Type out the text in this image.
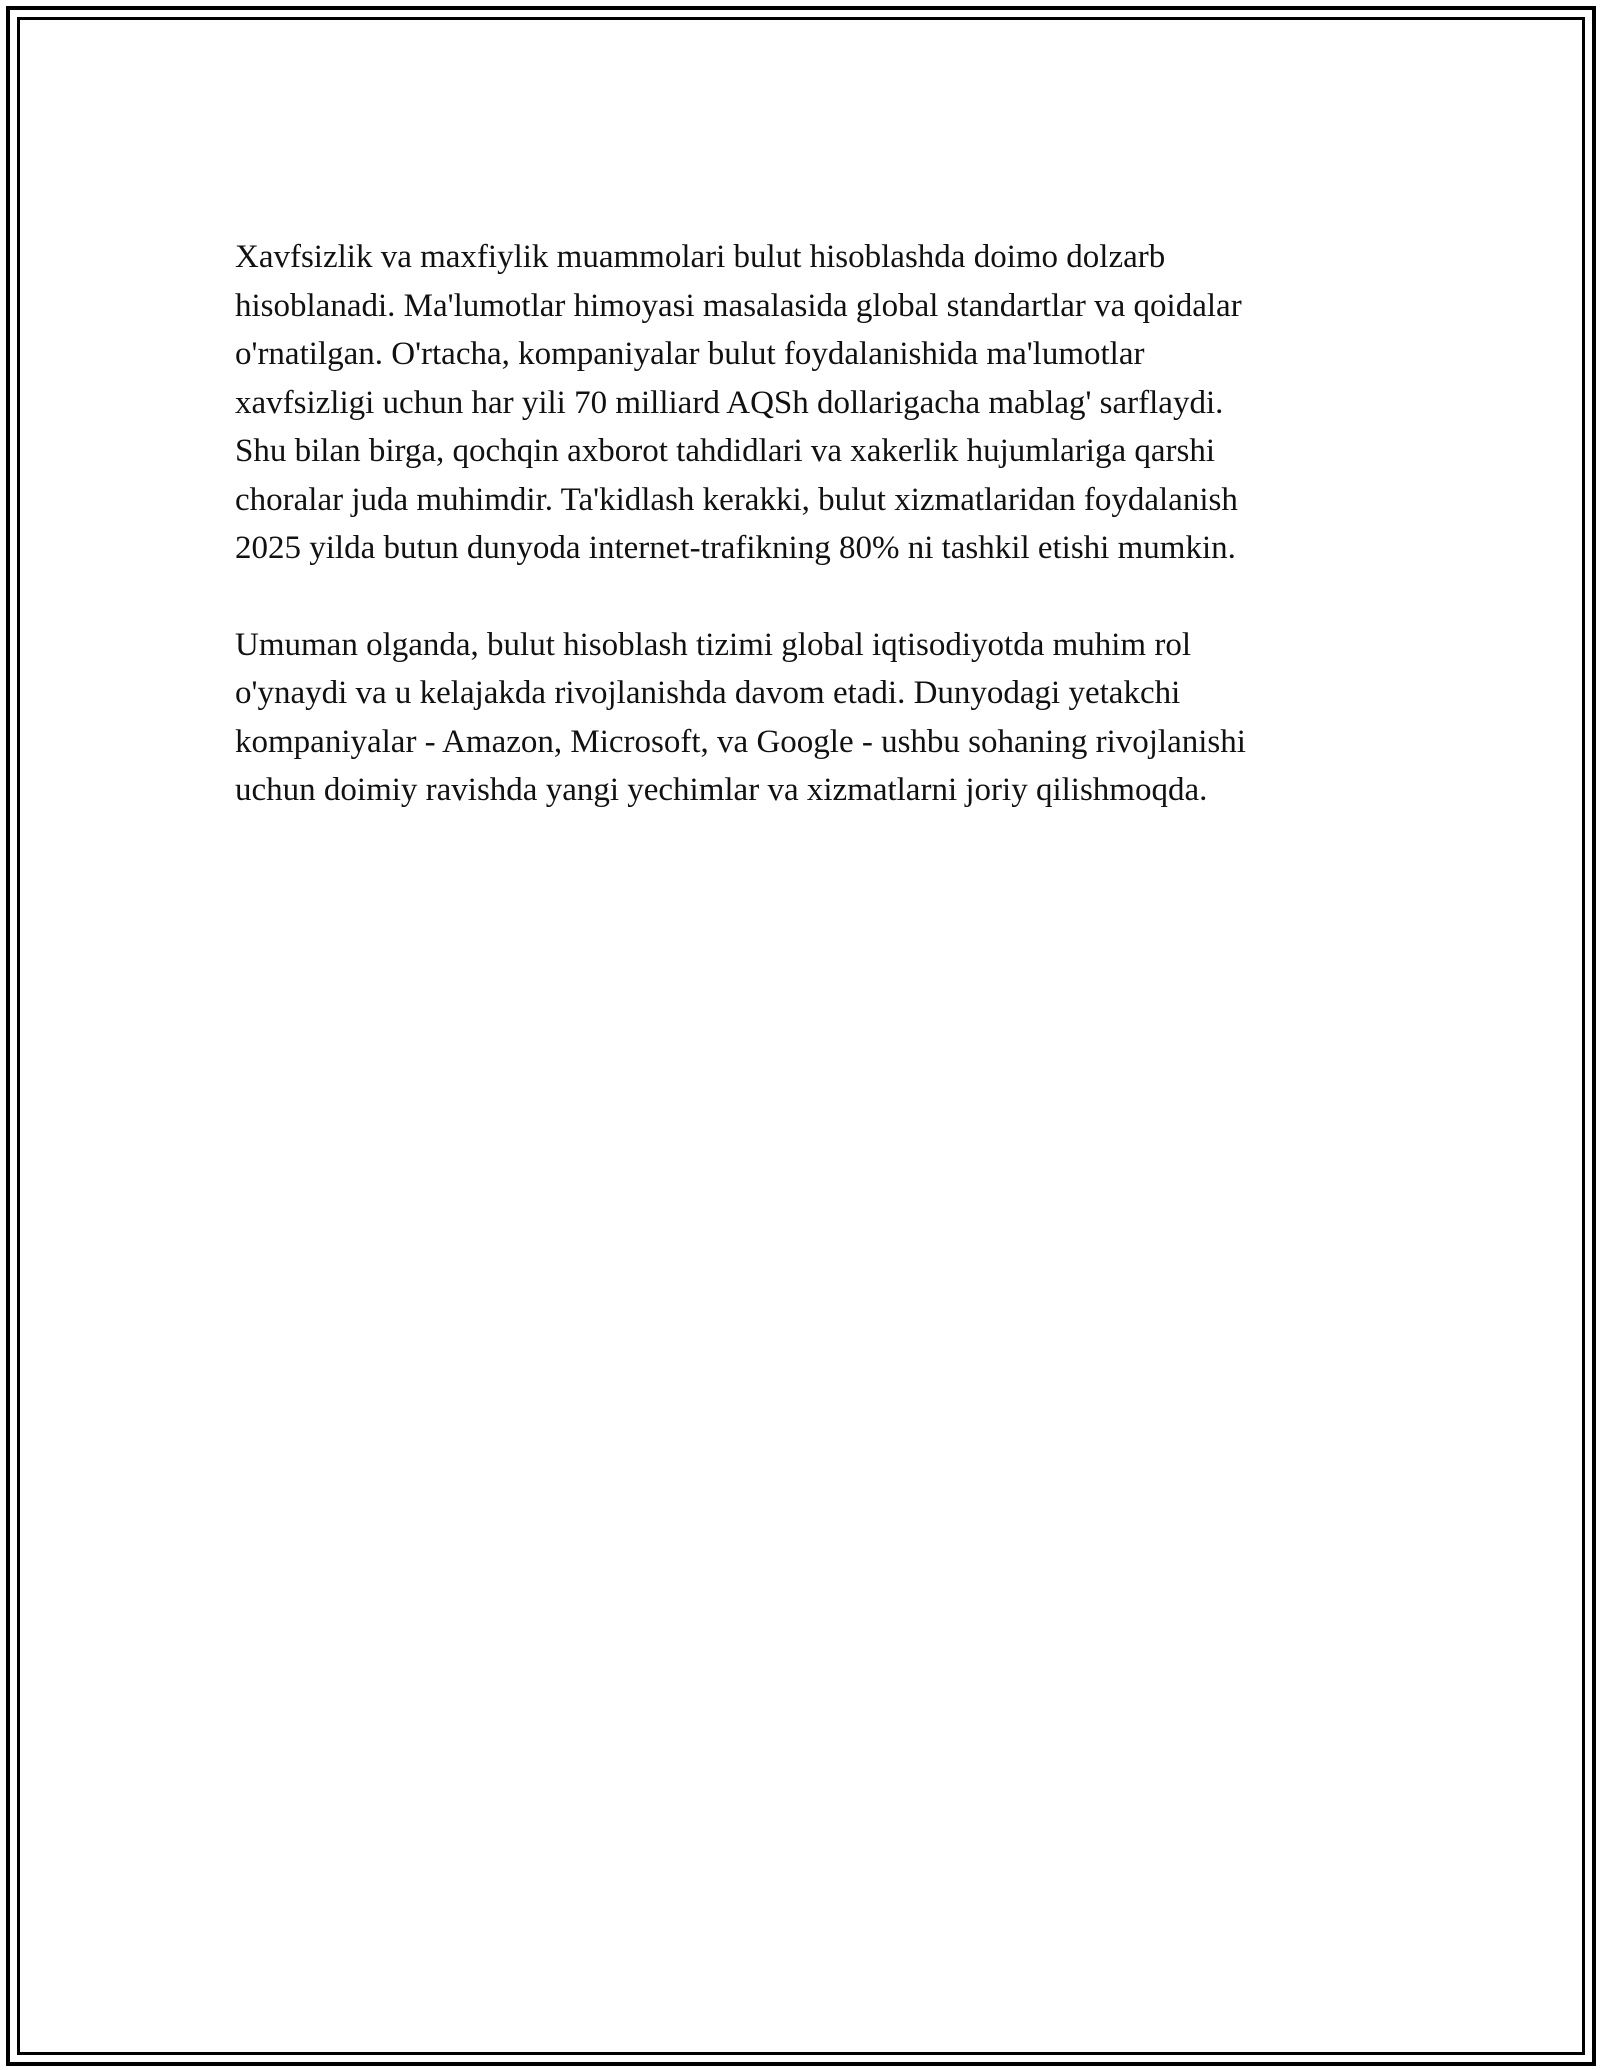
Xavfsizlik va maxfiylik muammolari bulut hisoblashda doimo dolzarb
hisoblanadi. Ma'lumotlar himoyasi masalasida global standartlar va qoidalar
o'rnatilgan. O'rtacha, kompaniyalar bulut foydalanishida ma'lumotlar
xavfsizligi uchun har yili 70 milliard AQSh dollarigacha mablag' sarflaydi.
Shu bilan birga, qochqin axborot tahdidlari va xakerlik hujumlariga qarshi
choralar juda muhimdir. Ta'kidlash kerakki, bulut xizmatlaridan foydalanish
2025 yilda butun dunyoda internet-trafikning 80% ni tashkil etishi mumkin.

Umuman olganda, bulut hisoblash tizimi global iqtisodiyotda muhim rol
o'ynaydi va u kelajakda rivojlanishda davom etadi. Dunyodagi yetakchi
kompaniyalar - Amazon, Microsoft, va Google - ushbu sohaning rivojlanishi
uchun doimiy ravishda yangi yechimlar va xizmatlarni joriy qilishmoqda.
